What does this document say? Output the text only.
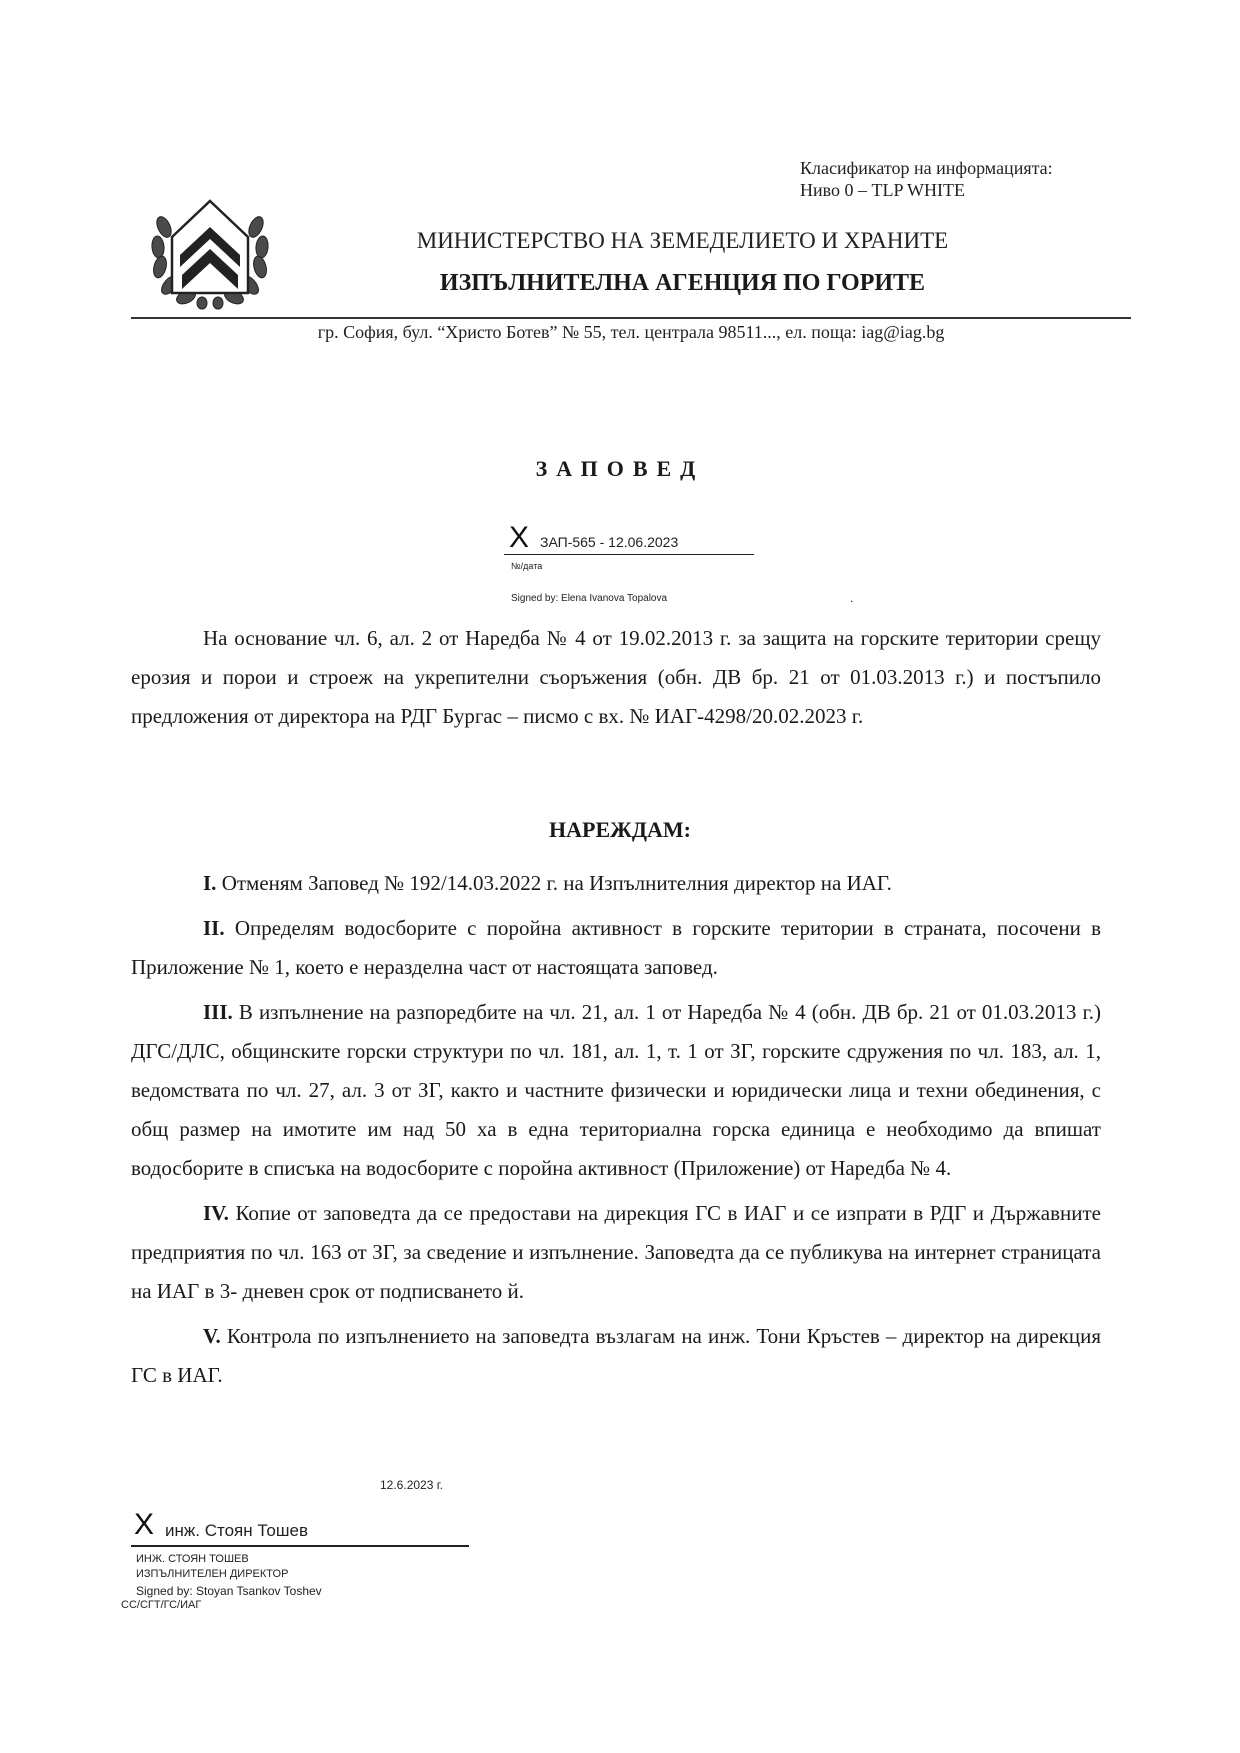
Класификатор на информацията:
Ниво 0 – TLP WHITE
МИНИСТЕРСТВО НА ЗЕМЕДЕЛИЕТО И ХРАНИТЕ
ИЗПЪЛНИТЕЛНА АГЕНЦИЯ ПО ГОРИТЕ
гр. София, бул. “Христо Ботев” № 55, тел. централа 98511..., ел. поща: iag@iag.bg
ЗАПОВЕД
X ЗАП-565 - 12.06.2023
№/дата
Signed by: Elena Ivanova Topalova	.

На основание чл. 6, ал. 2 от Наредба № 4 от 19.02.2013 г. за защита на горските територии срещу ерозия и порои и строеж на укрепителни съоръжения (обн. ДВ бр. 21 от 01.03.2013 г.) и постъпило предложения от директора на РДГ Бургас – писмо с вх. № ИАГ-4298/20.02.2023 г.

НАРЕЖДАМ:

I. Отменям Заповед № 192/14.03.2022 г. на Изпълнителния директор на ИАГ.

II. Определям водосборите с поройна активност в горските територии в страната, посочени в Приложение № 1, което е неразделна част от настоящата заповед.

III. В изпълнение на разпоредбите на чл. 21, ал. 1 от Наредба № 4 (обн. ДВ бр. 21 от 01.03.2013 г.) ДГС/ДЛС, общинските горски структури по чл. 181, ал. 1, т. 1 от ЗГ, горските сдружения по чл. 183, ал. 1, ведомствата по чл. 27, ал. 3 от ЗГ, както и частните физически и юридически лица и техни обединения, с общ размер на имотите им над 50 ха в една териториална горска единица е необходимо да впишат водосборите в списъка на водосборите с поройна активност (Приложение) от Наредба № 4.

IV. Копие от заповедта да се предостави на дирекция ГС в ИАГ и се изпрати в РДГ и Държавните предприятия по чл. 163 от ЗГ, за сведение и изпълнение. Заповедта да се публикува на интернет страницата на ИАГ в 3- дневен срок от подписването й.

V. Контрола по изпълнението на заповедта възлагам на инж. Тони Кръстев – директор на дирекция ГС в ИАГ.

12.6.2023 г.
X инж. Стоян Тошев
ИНЖ. СТОЯН ТОШЕВ
ИЗПЪЛНИТЕЛЕН ДИРЕКТОР
Signed by: Stoyan Tsankov Toshev
СС/СГТ/ГС/ИАГ
